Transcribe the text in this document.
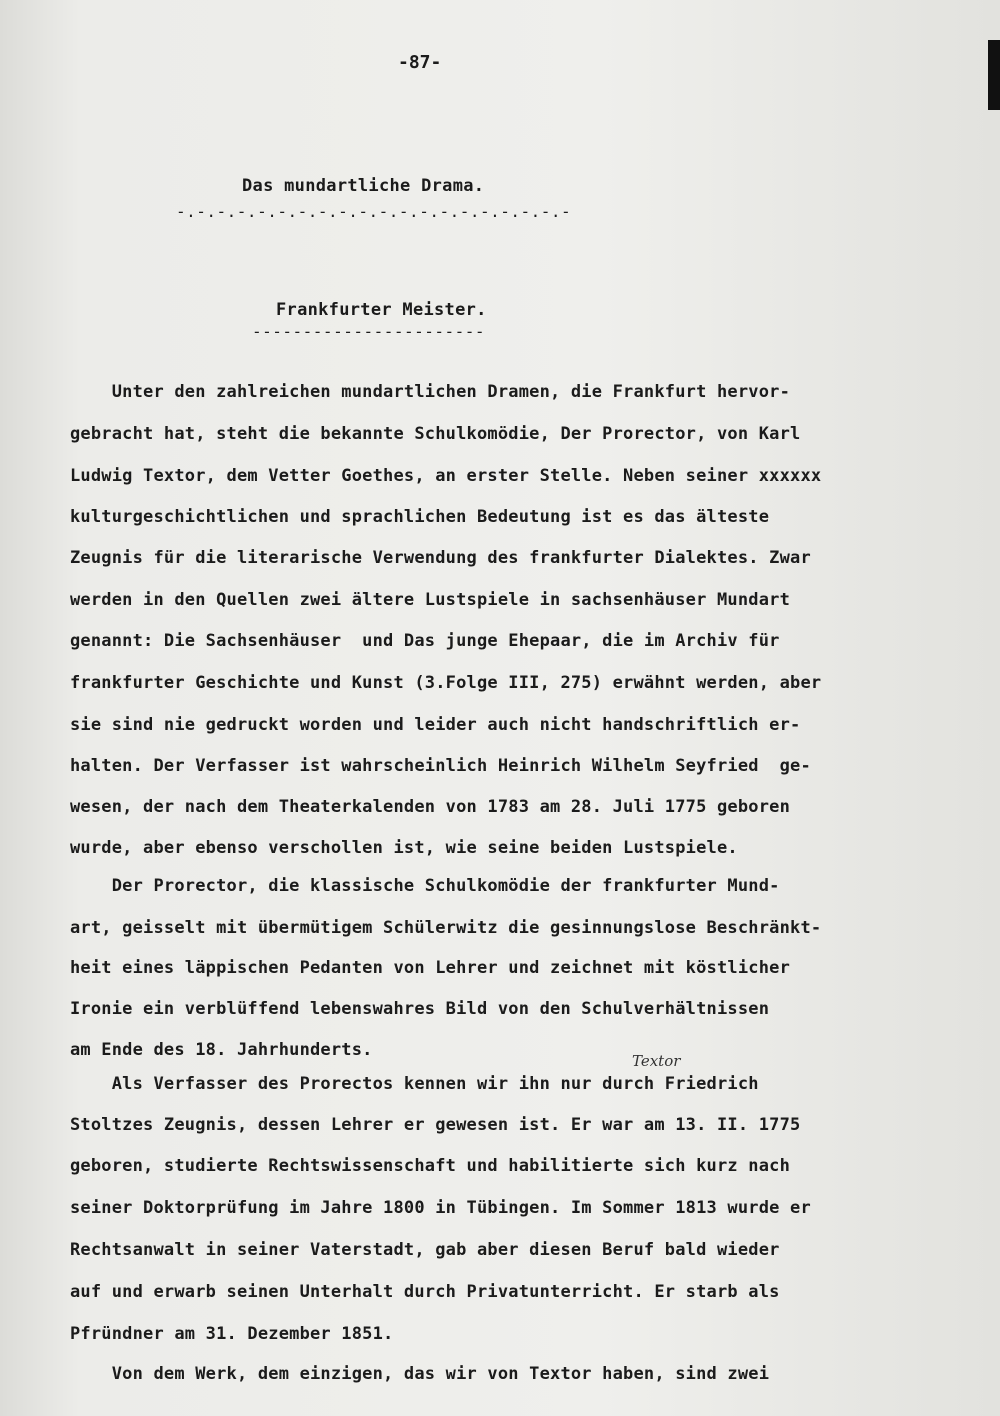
-87-
Das mundartliche Drama.
-.-.-.-.-.-.-.-.-.-.-.-.-.-.-.-.-.-.-.-
Frankfurter Meister.
-----------------------
Unter den zahlreichen mundartlichen Dramen, die Frankfurt hervor-
gebracht hat, steht die bekannte Schulkomödie, Der Prorector, von Karl
Ludwig Textor, dem Vetter Goethes, an erster Stelle. Neben seiner xxxxxx
kulturgeschichtlichen und sprachlichen Bedeutung ist es das älteste
Zeugnis für die literarische Verwendung des frankfurter Dialektes. Zwar
werden in den Quellen zwei ältere Lustspiele in sachsenhäuser Mundart
genannt: Die Sachsenhäuser  und Das junge Ehepaar, die im Archiv für
frankfurter Geschichte und Kunst (3.Folge III, 275) erwähnt werden, aber
sie sind nie gedruckt worden und leider auch nicht handschriftlich er-
halten. Der Verfasser ist wahrscheinlich Heinrich Wilhelm Seyfried  ge-
wesen, der nach dem Theaterkalenden von 1783 am 28. Juli 1775 geboren
wurde, aber ebenso verschollen ist, wie seine beiden Lustspiele.
Der Prorector, die klassische Schulkomödie der frankfurter Mund-
art, geisselt mit übermütigem Schülerwitz die gesinnungslose Beschränkt-
heit eines läppischen Pedanten von Lehrer und zeichnet mit köstlicher
Ironie ein verblüffend lebenswahres Bild von den Schulverhältnissen
am Ende des 18. Jahrhunderts.
Textor
Als Verfasser des Prorectos kennen wir ihn nur durch Friedrich
Stoltzes Zeugnis, dessen Lehrer er gewesen ist. Er war am 13. II. 1775
geboren, studierte Rechtswissenschaft und habilitierte sich kurz nach
seiner Doktorprüfung im Jahre 1800 in Tübingen. Im Sommer 1813 wurde er
Rechtsanwalt in seiner Vaterstadt, gab aber diesen Beruf bald wieder
auf und erwarb seinen Unterhalt durch Privatunterricht. Er starb als
Pfründner am 31. Dezember 1851.
Von dem Werk, dem einzigen, das wir von Textor haben, sind zwei
